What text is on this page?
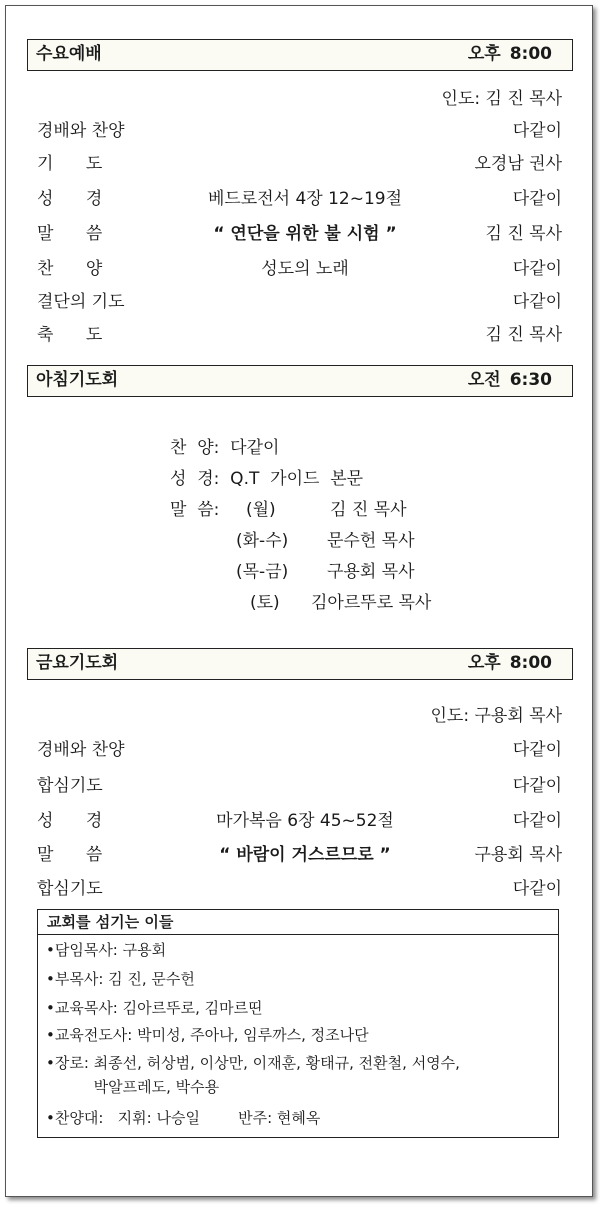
수요예배	오후 8:00
인도: 김 진 목사
경배와 찬양	다같이
기      도	오경남 권사
성      경	베드로전서 4장 12~19절	다같이
말      씀	“ 연단을 위한 불 시험 ”	김 진 목사
찬      양	성도의 노래	다같이
결단의 기도	다같이
축      도	김 진 목사
아침기도회	오전 6:30
찬  양:  다같이
성  경:  Q.T  가이드  본문
말  씀: (월)	김 진 목사
(화-수) 문수헌 목사
(목-금) 구용회 목사
(토) 김아르뚜로 목사
금요기도회	오후 8:00
인도: 구용회 목사
경배와 찬양	다같이
합심기도	다같이
성      경	마가복음 6장 45~52절	다같이
말      씀	“ 바람이 거스르므로 ”	구용회 목사
합심기도	다같이
교회를 섬기는 이들
•담임목사: 구용회
•부목사: 김 진, 문수헌
•교육목사: 김아르뚜로, 김마르띤
•교육전도사: 박미성, 주아나, 임루까스, 정조나단
•장로: 최종선, 허상범, 이상만, 이재훈, 황태규, 전환철, 서영수,
박알프레도, 박수용
•찬양대:   지휘: 나승일        반주: 현혜옥
